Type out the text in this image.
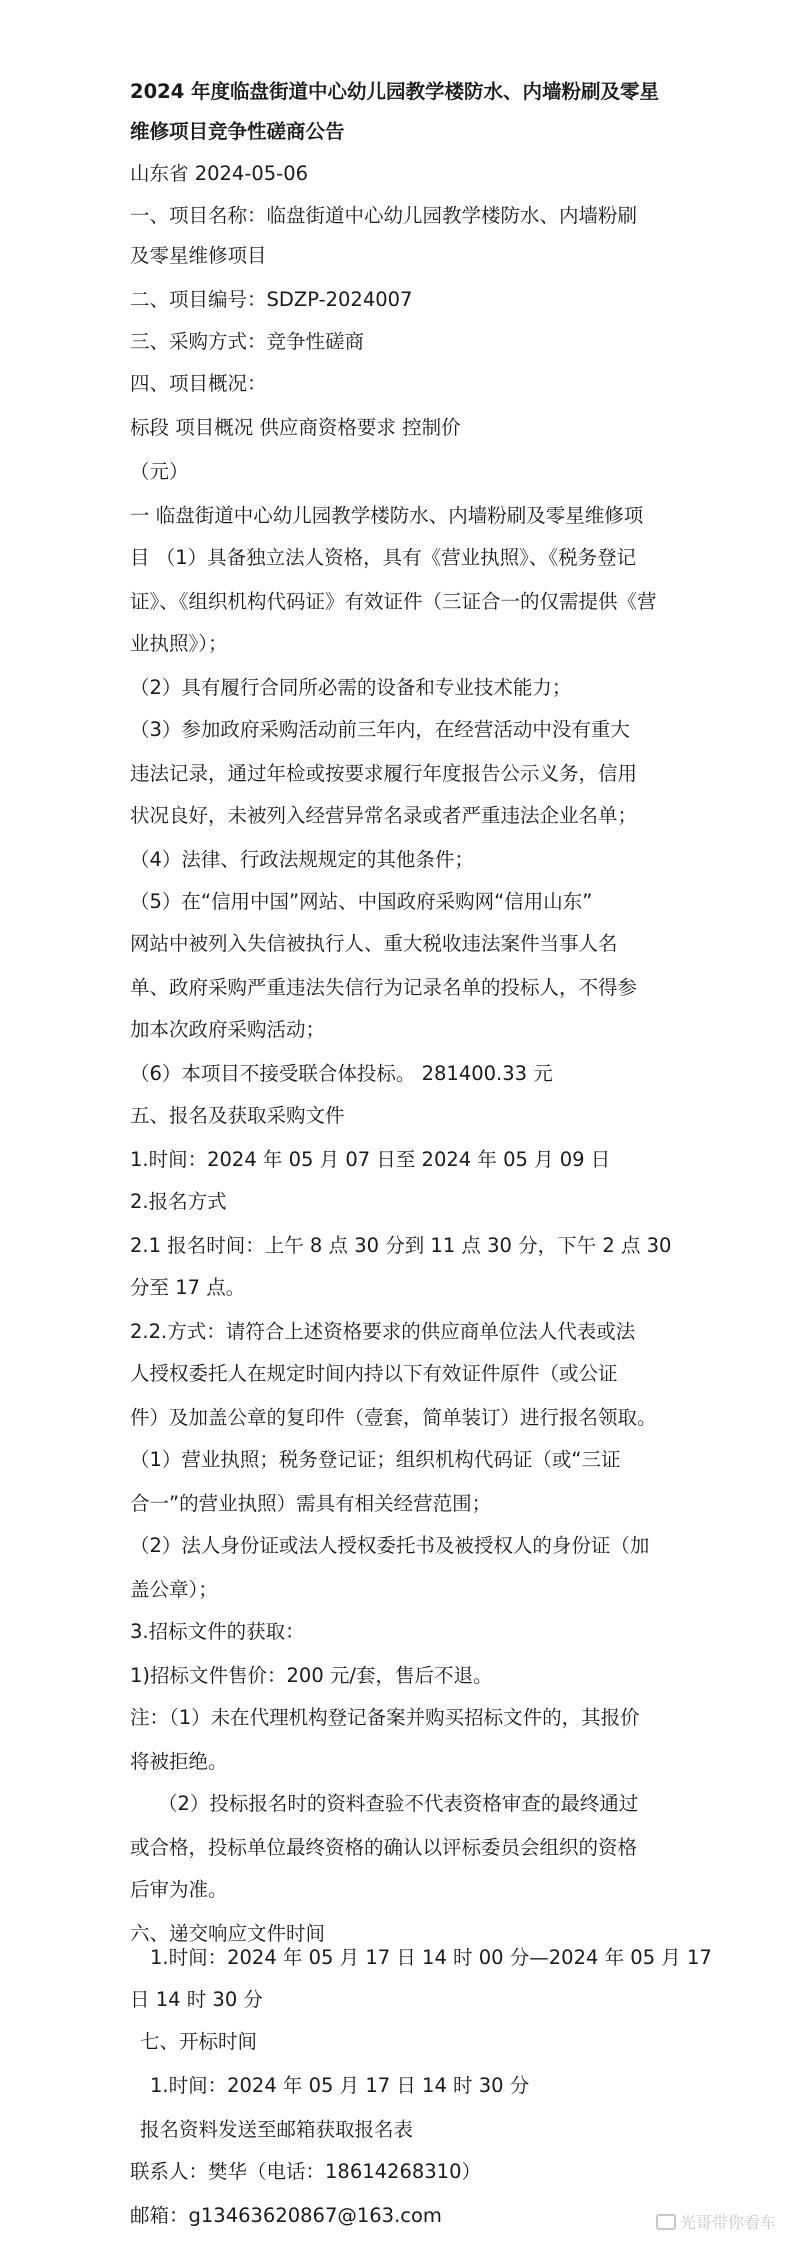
2024 年度临盘街道中心幼儿园教学楼防水、内墙粉刷及零星
维修项目竞争性磋商公告
山东省 2024-05-06
一、项目名称：临盘街道中心幼儿园教学楼防水、内墙粉刷
及零星维修项目
二、项目编号：SDZP-2024007
三、采购方式：竞争性磋商
四、项目概况：
标段 项目概况 供应商资格要求 控制价
（元）
一 临盘街道中心幼儿园教学楼防水、内墙粉刷及零星维修项
目 （1）具备独立法人资格，具有《营业执照》、《税务登记
证》、《组织机构代码证》有效证件（三证合一的仅需提供《营
业执照》）；
（2）具有履行合同所必需的设备和专业技术能力；
（3）参加政府采购活动前三年内，在经营活动中没有重大
违法记录，通过年检或按要求履行年度报告公示义务，信用
状况良好，未被列入经营异常名录或者严重违法企业名单；
（4）法律、行政法规规定的其他条件；
（5）在“信用中国”网站、中国政府采购网“信用山东”
网站中被列入失信被执行人、重大税收违法案件当事人名
单、政府采购严重违法失信行为记录名单的投标人，不得参
加本次政府采购活动；
（6）本项目不接受联合体投标。 281400.33 元
五、报名及获取采购文件
1.时间：2024 年 05 月 07 日至 2024 年 05 月 09 日
2.报名方式
2.1 报名时间：上午 8 点 30 分到 11 点 30 分，下午 2 点 30
分至 17 点。
2.2.方式：请符合上述资格要求的供应商单位法人代表或法
人授权委托人在规定时间内持以下有效证件原件（或公证
件）及加盖公章的复印件（壹套，简单装订）进行报名领取。
（1）营业执照；税务登记证；组织机构代码证（或“三证
合一”的营业执照）需具有相关经营范围；
（2）法人身份证或法人授权委托书及被授权人的身份证（加
盖公章）；
3.招标文件的获取：
1)招标文件售价：200 元/套，售后不退。
注：（1）未在代理机构登记备案并购买招标文件的，其报价
将被拒绝。
（2）投标报名时的资料查验不代表资格审查的最终通过
或合格，投标单位最终资格的确认以评标委员会组织的资格
后审为准。
六、递交响应文件时间
1.时间：2024 年 05 月 17 日 14 时 00 分—2024 年 05 月 17
日 14 时 30 分
七、开标时间
1.时间：2024 年 05 月 17 日 14 时 30 分
报名资料发送至邮箱获取报名表
联系人：樊华（电话：18614268310）
邮箱：g13463620867@163.com	光哥带你看车
